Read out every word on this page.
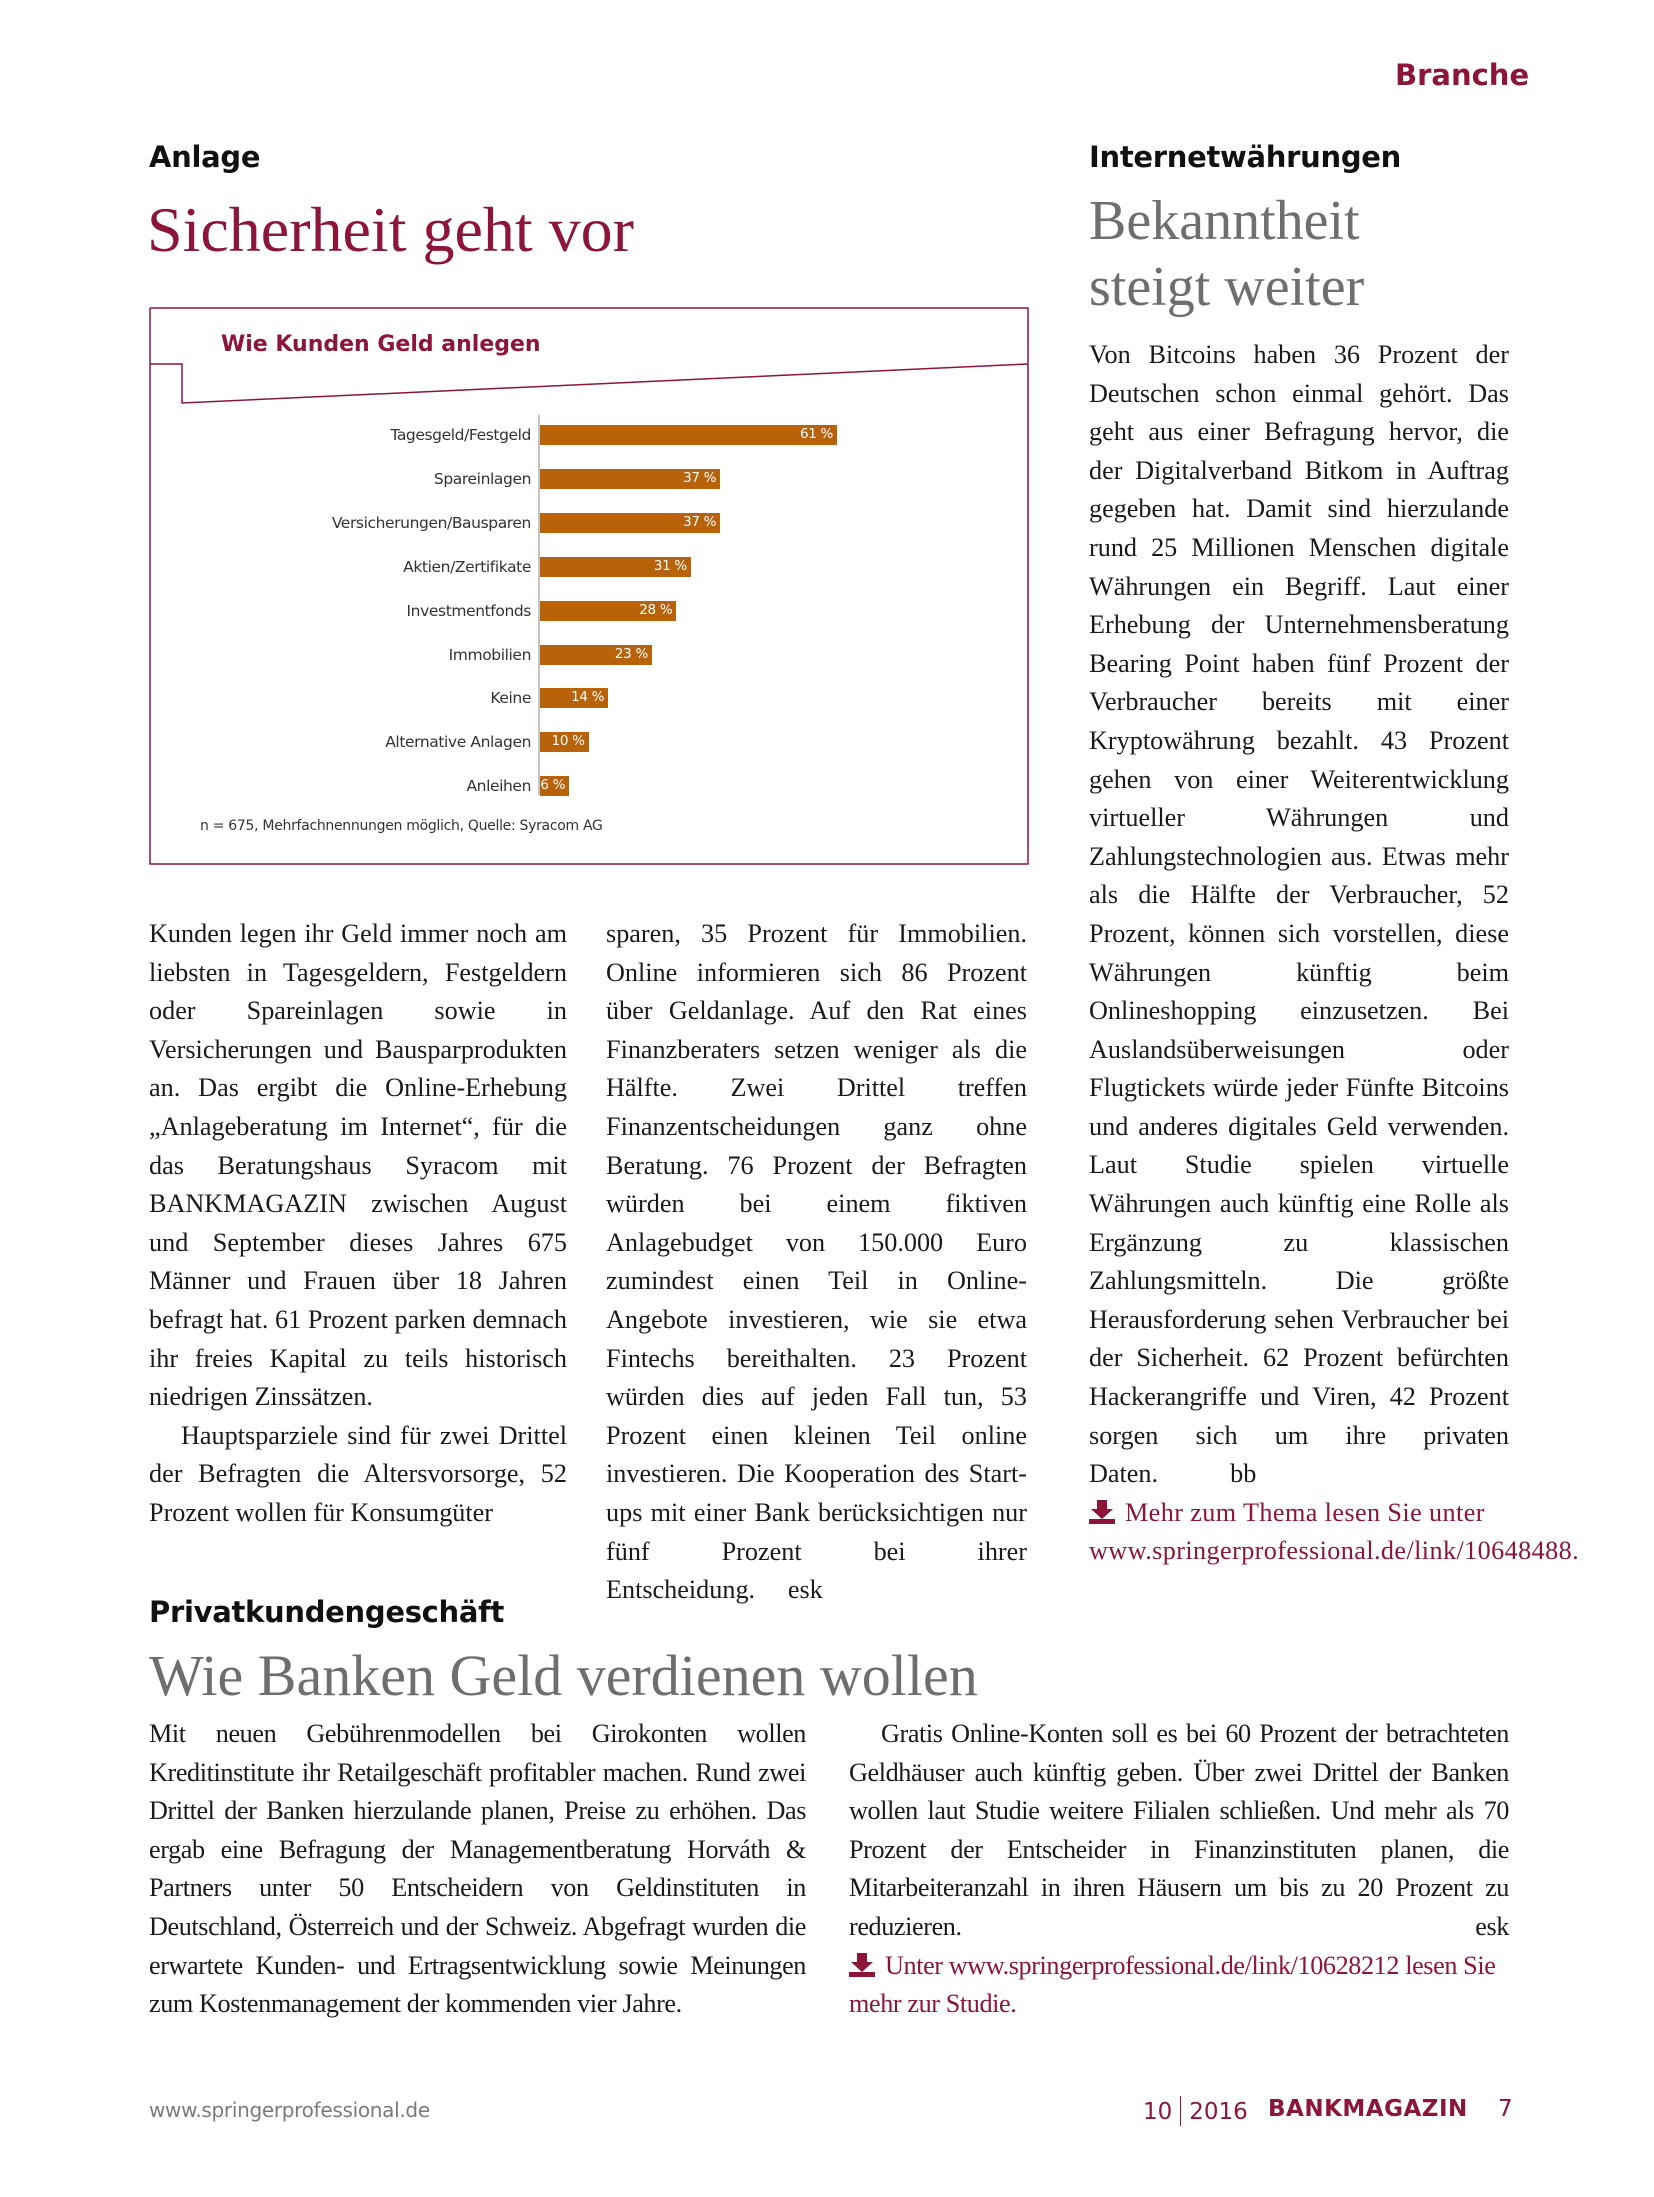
Branche
Anlage
Sicherheit geht vor
Wie Kunden Geld anlegen
Tagesgeld/Festgeld	61 %
Spareinlagen	37 %
Versicherungen/Bausparen	37 %
Aktien/Zertifikate	31 %
Investmentfonds	28 %
Immobilien	23 %
Keine	14 %
Alternative Anlagen	10 %
Anleihen 6 %
n = 675, Mehrfachnennungen möglich, Quelle: Syracom AG

Kunden legen ihr Geld immer noch am liebsten in Tagesgeldern, Festgeldern oder Spareinlagen sowie in Versicherungen und Bausparprodukten an. Das ergibt die Online-Erhebung „Anlageberatung im Internet“, für die das Beratungshaus Syracom mit BANKMAGAZIN zwischen August und September dieses Jahres 675 Männer und Frauen über 18 Jahren befragt hat. 61 Prozent parken demnach ihr freies Kapital zu teils historisch niedrigen Zinssätzen.

Hauptsparziele sind für zwei Drittel der Befragten die Altersvorsorge, 52 Prozent wollen für Konsumgüter

sparen, 35 Prozent für Immobilien. Online informieren sich 86 Prozent über Geldanlage. Auf den Rat eines Finanzberaters setzen weniger als die Hälfte. Zwei Drittel treffen Finanzentscheidungen ganz ohne Beratung. 76 Prozent der Befragten würden bei einem fiktiven Anlagebudget von 150.000 Euro zumindest einen Teil in Online-Angebote investieren, wie sie etwa Fintechs bereithalten. 23 Prozent würden dies auf jeden Fall tun, 53 Prozent einen kleinen Teil online investieren. Die Kooperation des Start-ups mit einer Bank berücksichtigen nur fünf Prozent bei ihrer Entscheidung. esk

Internetwährungen
Bekanntheit
steigt weiter

Von Bitcoins haben 36 Prozent der Deutschen schon einmal gehört. Das geht aus einer Befragung hervor, die der Digitalverband Bitkom in Auftrag gegeben hat. Damit sind hierzulande rund 25 Millionen Menschen digitale Währungen ein Begriff. Laut einer Erhebung der Unternehmensberatung Bearing Point haben fünf Prozent der Verbraucher bereits mit einer Kryptowährung bezahlt. 43 Prozent gehen von einer Weiterentwicklung virtueller Währungen und Zahlungstechnologien aus. Etwas mehr als die Hälfte der Verbraucher, 52 Prozent, können sich vorstellen, diese Währungen künftig beim Onlineshopping einzusetzen. Bei Auslandsüberweisungen oder Flugtickets würde jeder Fünfte Bitcoins und anderes digitales Geld verwenden. Laut Studie spielen virtuelle Währungen auch künftig eine Rolle als Ergänzung zu klassischen Zahlungsmitteln. Die größte Herausforderung sehen Verbraucher bei der Sicherheit. 62 Prozent befürchten Hackerangriffe und Viren, 42 Prozent sorgen sich um ihre privaten Daten.	bb

Mehr zum Thema lesen Sie unter www.springerprofessional.de/link/10648488.

Privatkundengeschäft
Wie Banken Geld verdienen wollen

Mit neuen Gebührenmodellen bei Girokonten wollen Kreditinstitute ihr Retailgeschäft profitabler machen. Rund zwei Drittel der Banken hierzulande planen, Preise zu erhöhen. Das ergab eine Befragung der Managementberatung Horváth & Partners unter 50 Entscheidern von Geldinstituten in Deutschland, Österreich und der Schweiz. Abgefragt wurden die erwartete Kunden- und Ertragsentwicklung sowie Meinungen zum Kostenmanagement der kommenden vier Jahre.

Gratis Online-Konten soll es bei 60 Prozent der betrachteten Geldhäuser auch künftig geben. Über zwei Drittel der Banken wollen laut Studie weitere Filialen schließen. Und mehr als 70 Prozent der Entscheider in Finanzinstituten planen, die Mitarbeiteranzahl in ihren Häusern um bis zu 20 Prozent zu reduzieren.	esk

Unter www.springerprofessional.de/link/10628212 lesen Sie mehr zur Studie.

www.springerprofessional.de	10 2016 BANKMAGAZIN 7
